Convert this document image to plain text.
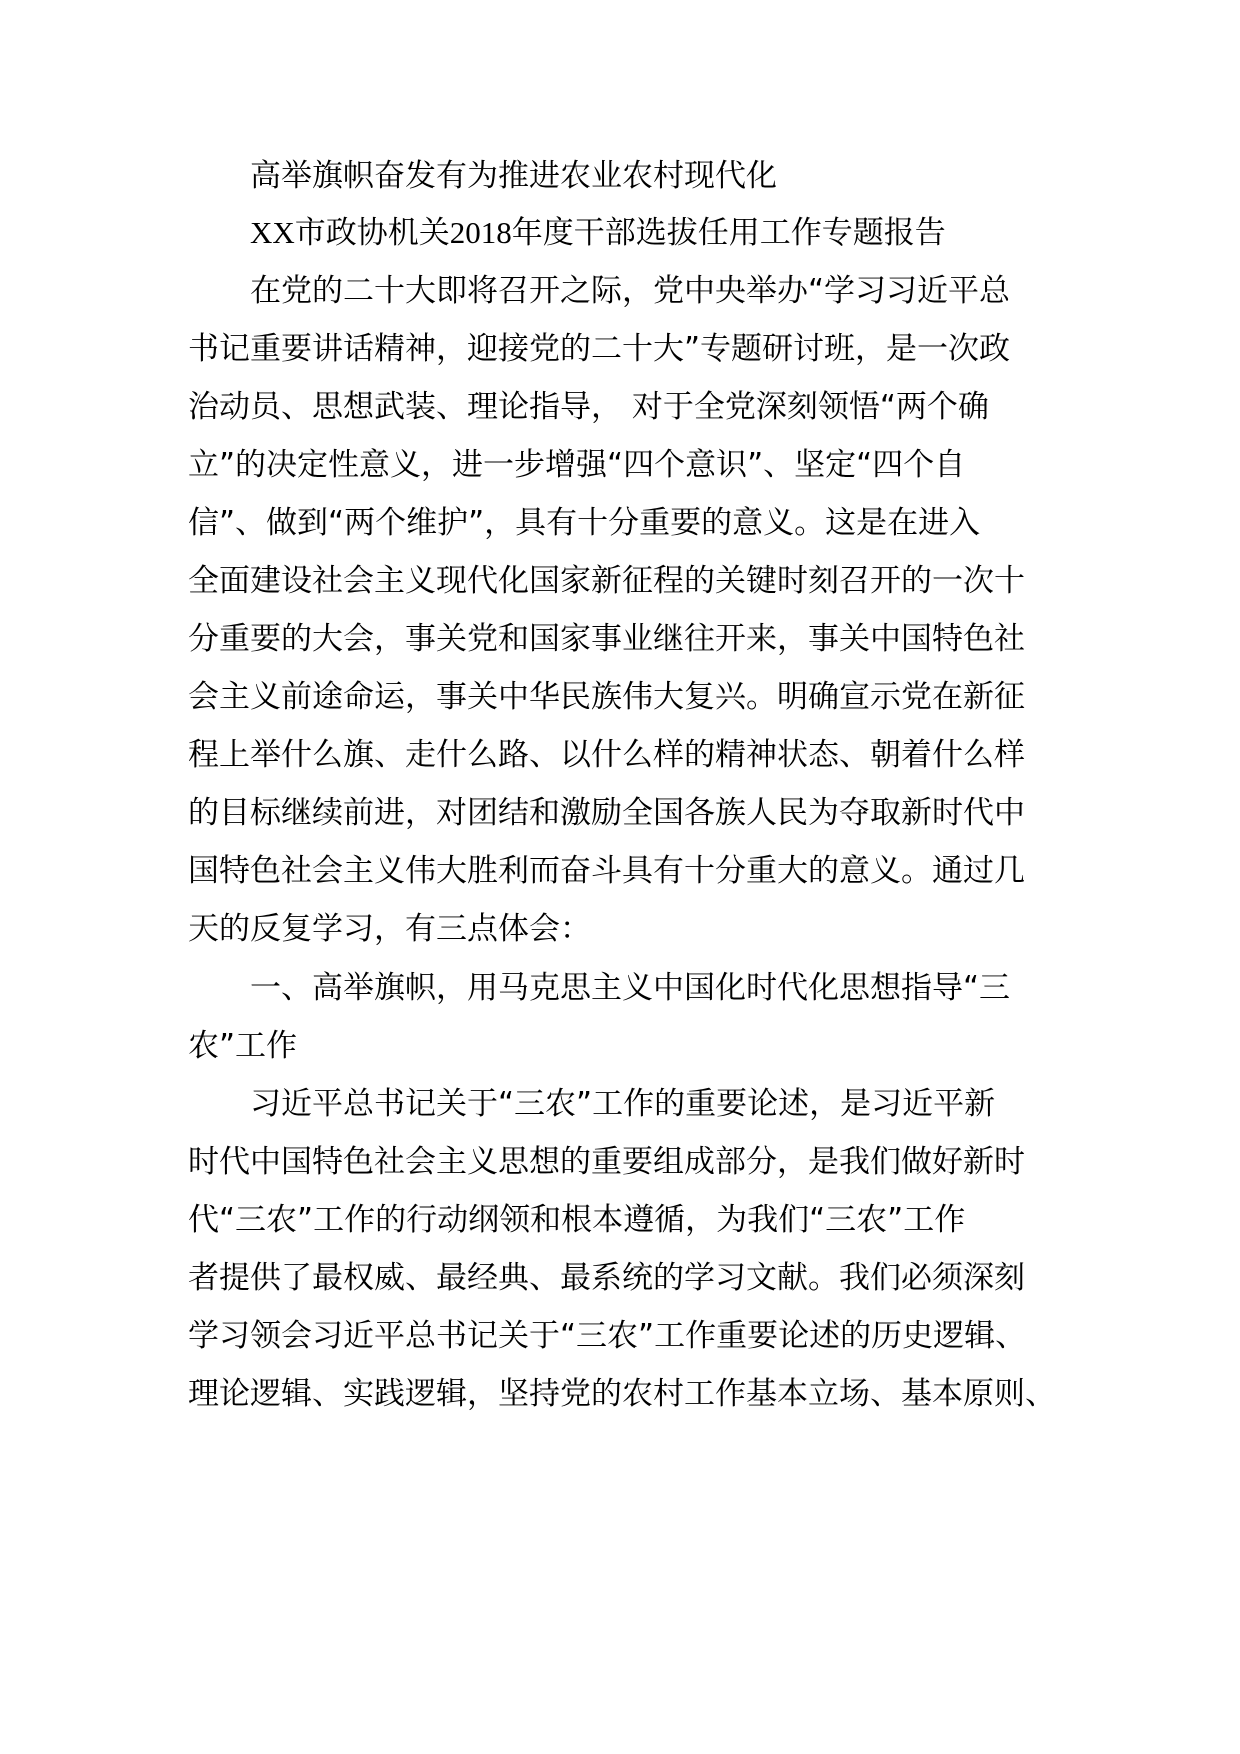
高举旗帜奋发有为推进农业农村现代化

XX市政协机关2018年度干部选拔任用工作专题报告

在党的二十大即将召开之际，党中央举办“学习习近平总

书记重要讲话精神，迎接党的二十大”专题研讨班，是一次政

治动员、思想武装、理论指导， 对于全党深刻领悟“两个确

立”的决定性意义，进一步增强“四个意识”、坚定“四个自

信”、做到“两个维护”，具有十分重要的意义。这是在进入

全面建设社会主义现代化国家新征程的关键时刻召开的一次十

分重要的大会，事关党和国家事业继往开来，事关中国特色社

会主义前途命运，事关中华民族伟大复兴。明确宣示党在新征

程上举什么旗、走什么路、以什么样的精神状态、朝着什么样

的目标继续前进，对团结和激励全国各族人民为夺取新时代中

国特色社会主义伟大胜利而奋斗具有十分重大的意义。通过几

天的反复学习，有三点体会：

一、高举旗帜，用马克思主义中国化时代化思想指导“三

农”工作

习近平总书记关于“三农”工作的重要论述，是习近平新

时代中国特色社会主义思想的重要组成部分，是我们做好新时

代“三农”工作的行动纲领和根本遵循，为我们“三农”工作

者提供了最权威、最经典、最系统的学习文献。我们必须深刻

学习领会习近平总书记关于“三农”工作重要论述的历史逻辑、

理论逻辑、实践逻辑，坚持党的农村工作基本立场、基本原则、
